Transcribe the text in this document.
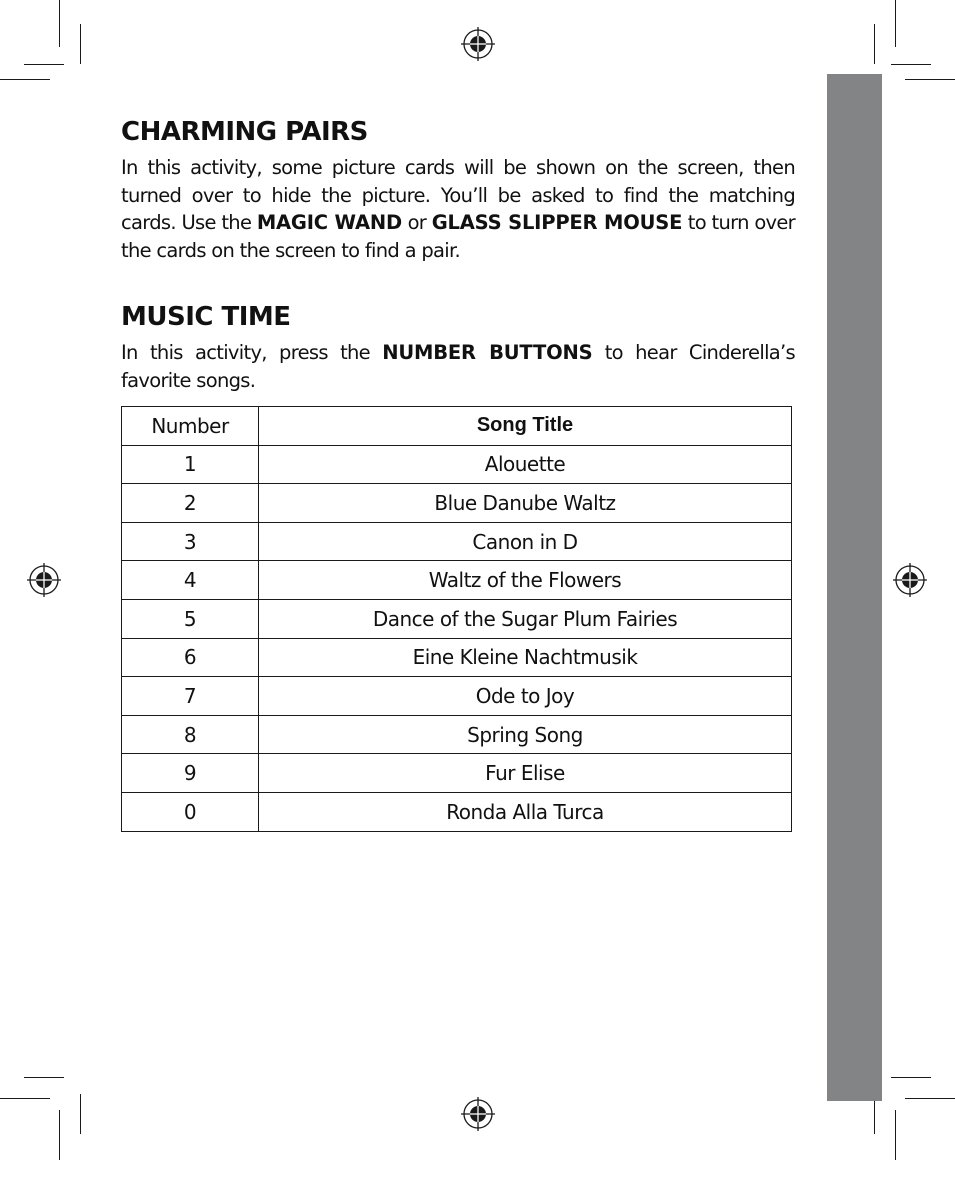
CHARMING PAIRS

In this activity, some picture cards will be shown on the screen, then turned over to hide the picture. You’ll be asked to find the matching cards. Use the MAGIC WAND or GLASS SLIPPER MOUSE to turn over the cards on the screen to find a pair.

MUSIC TIME

In this activity, press the NUMBER BUTTONS to hear Cinderella’s favorite songs.

Number	Song Title
1	Alouette
2	Blue Danube Waltz
3	Canon in D
4	Waltz of the Flowers
5	Dance of the Sugar Plum Fairies
6	Eine Kleine Nachtmusik
7	Ode to Joy
8	Spring Song
9	Fur Elise
0	Ronda Alla Turca
